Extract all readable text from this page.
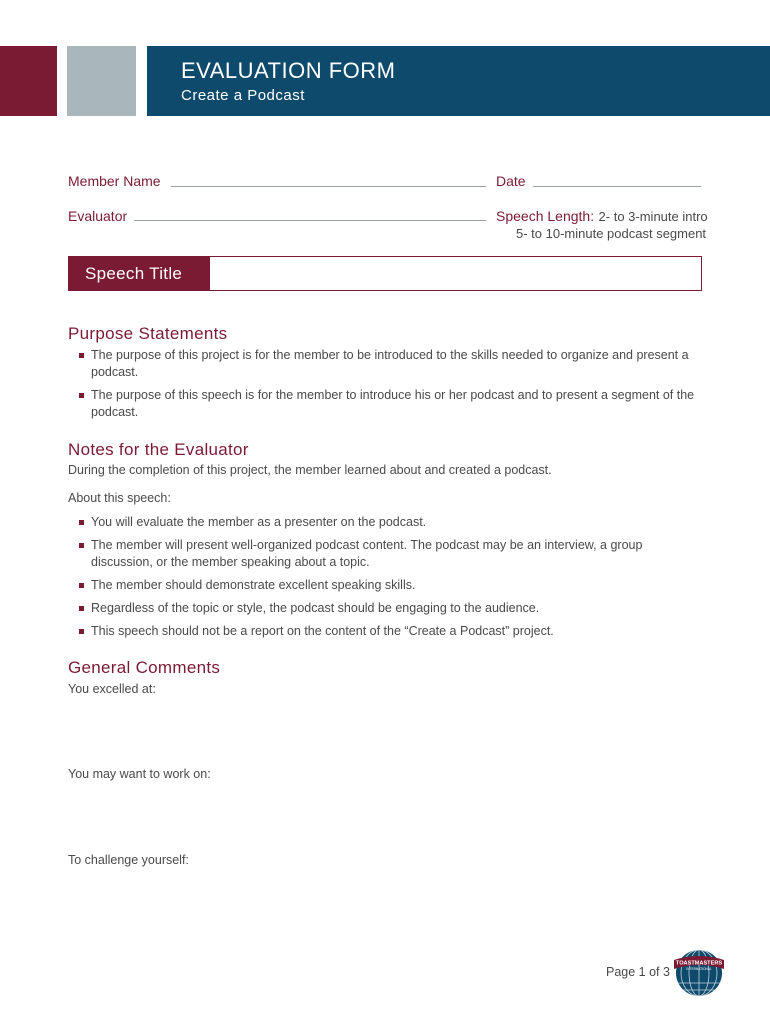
EVALUATION FORM
Create a Podcast
Member Name	Date
Evaluator	Speech Length: 2- to 3-minute intro
5- to 10-minute podcast segment
Speech Title
Purpose Statements
The purpose of this project is for the member to be introduced to the skills needed to organize and present a podcast.
The purpose of this speech is for the member to introduce his or her podcast and to present a segment of the podcast.
Notes for the Evaluator
During the completion of this project, the member learned about and created a podcast.
About this speech:
You will evaluate the member as a presenter on the podcast.
The member will present well-organized podcast content. The podcast may be an interview, a group discussion, or the member speaking about a topic.
The member should demonstrate excellent speaking skills.
Regardless of the topic or style, the podcast should be engaging to the audience.
This speech should not be a report on the content of the “Create a Podcast” project.
General Comments
You excelled at:
You may want to work on:
To challenge yourself:
Page 1 of 3
TOASTMASTERS
INTERNATIONAL
